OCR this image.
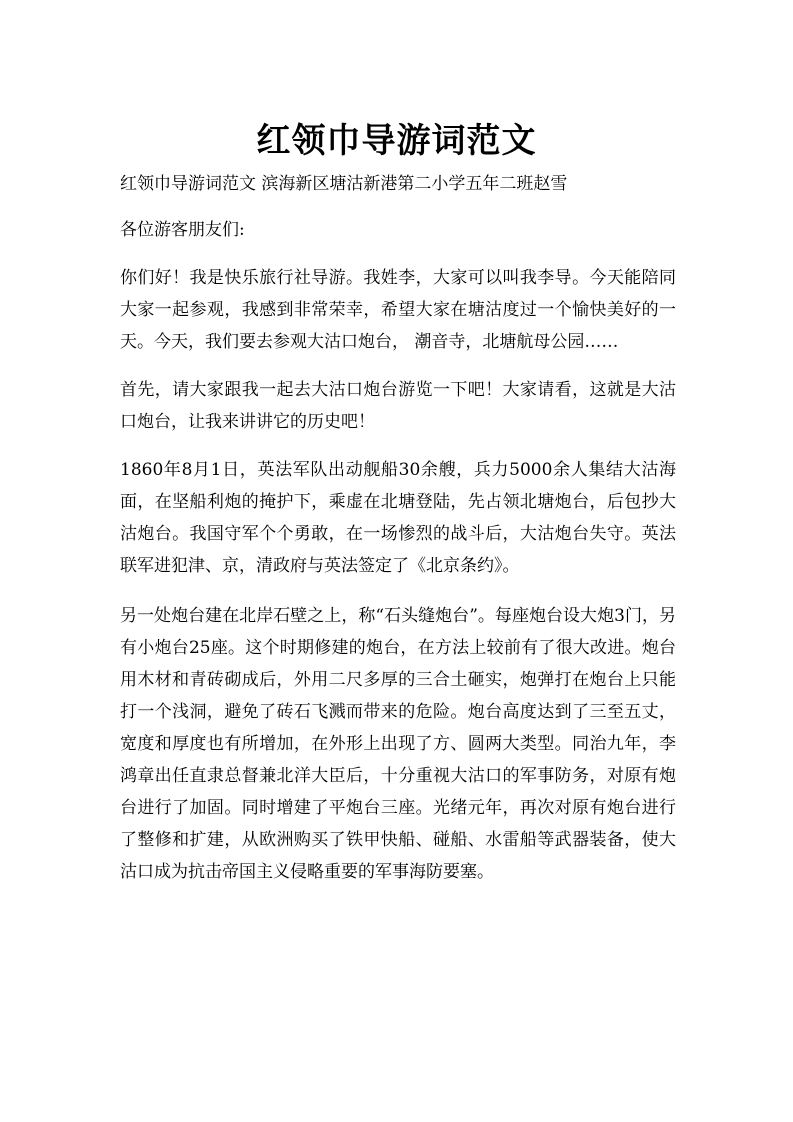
红领巾导游词范文

红领巾导游词范文 滨海新区塘沽新港第二小学五年二班赵雪

各位游客朋友们:

你们好！我是快乐旅行社导游。我姓李，大家可以叫我李导。今天能陪同大家一起参观，我感到非常荣幸，希望大家在塘沽度过一个愉快美好的一天。今天，我们要去参观大沽口炮台， 潮音寺，北塘航母公园……

首先，请大家跟我一起去大沽口炮台游览一下吧！大家请看，这就是大沽口炮台，让我来讲讲它的历史吧！

1860年8月1日，英法军队出动舰船30余艘，兵力5000余人集结大沽海面，在坚船利炮的掩护下，乘虚在北塘登陆，先占领北塘炮台，后包抄大沽炮台。我国守军个个勇敢，在一场惨烈的战斗后，大沽炮台失守。英法联军进犯津、京，清政府与英法签定了《北京条约》。

另一处炮台建在北岸石壁之上，称“石头缝炮台”。每座炮台设大炮3门，另有小炮台25座。这个时期修建的炮台，在方法上较前有了很大改进。炮台用木材和青砖砌成后，外用二尺多厚的三合土砸实，炮弹打在炮台上只能打一个浅洞，避免了砖石飞溅而带来的危险。炮台高度达到了三至五丈，宽度和厚度也有所增加，在外形上出现了方、圆两大类型。同治九年，李鸿章出任直隶总督兼北洋大臣后，十分重视大沽口的军事防务，对原有炮台进行了加固。同时增建了平炮台三座。光绪元年，再次对原有炮台进行了整修和扩建，从欧洲购买了铁甲快船、碰船、水雷船等武器装备，使大沽口成为抗击帝国主义侵略重要的军事海防要塞。
